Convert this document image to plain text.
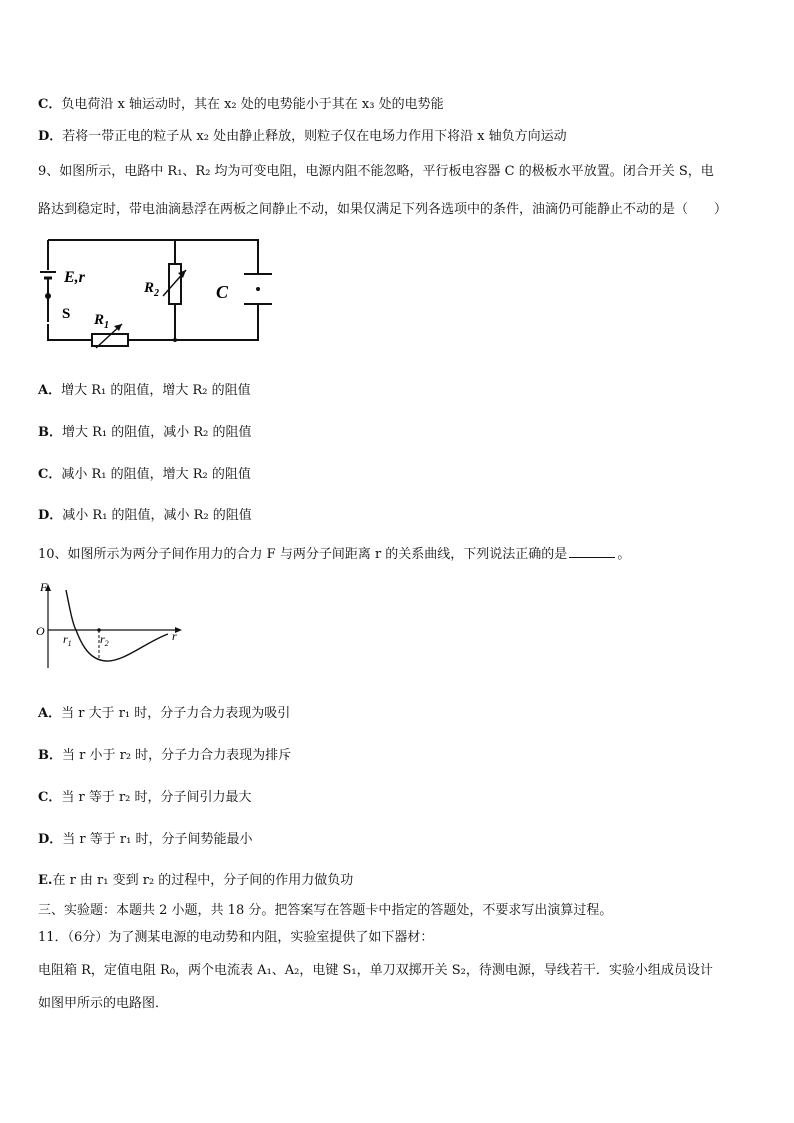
C．负电荷沿 x 轴运动时，其在 x₂ 处的电势能小于其在 x₃ 处的电势能
D．若将一带正电的粒子从 x₂ 处由静止释放，则粒子仅在电场力作用下将沿 x 轴负方向运动
9、如图所示，电路中 R₁、R₂ 均为可变电阻，电源内阻不能忽略，平行板电容器 C 的极板水平放置。闭合开关 S，电
路达到稳定时，带电油滴悬浮在两板之间静止不动，如果仅满足下列各选项中的条件，油滴仍可能静止不动的是（　　）
E,r
S
$R_2$
$R_1$
C
A．增大 R₁ 的阻值，增大 R₂ 的阻值
B．增大 R₁ 的阻值，减小 R₂ 的阻值
C．减小 R₁ 的阻值，增大 R₂ 的阻值
D．减小 R₁ 的阻值，减小 R₂ 的阻值
10、如图所示为两分子间作用力的合力 F 与两分子间距离 r 的关系曲线，下列说法正确的是	。
F
O	r
$r_1$ $r_2$
A．当 r 大于 r₁ 时，分子力合力表现为吸引
B．当 r 小于 r₂ 时，分子力合力表现为排斥
C．当 r 等于 r₂ 时，分子间引力最大
D．当 r 等于 r₁ 时，分子间势能最小
E.在 r 由 r₁ 变到 r₂ 的过程中，分子间的作用力做负功
三、实验题：本题共 2 小题，共 18 分。把答案写在答题卡中指定的答题处，不要求写出演算过程。
11．（6分）为了测某电源的电动势和内阻，实验室提供了如下器材：
电阻箱 R，定值电阻 R₀，两个电流表 A₁、A₂，电键 S₁，单刀双掷开关 S₂，待测电源，导线若干．实验小组成员设计
如图甲所示的电路图．
